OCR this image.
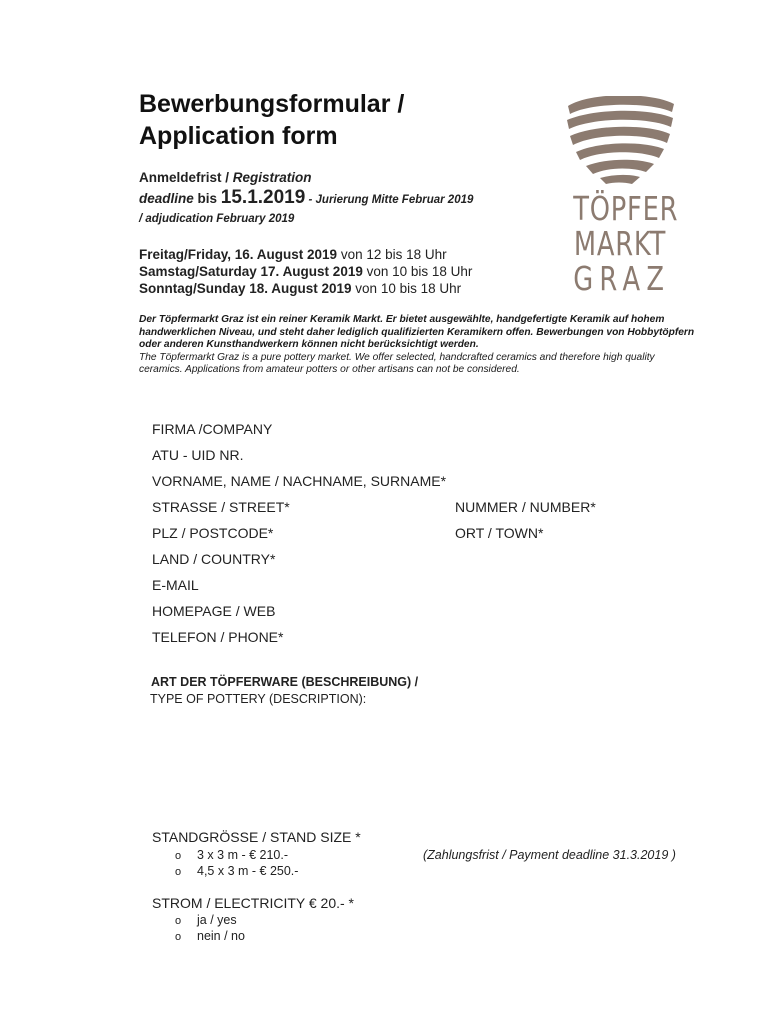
Bewerbungsformular /
Application form
Anmeldefrist / Registration
deadline bis 15.1.2019 - Jurierung Mitte Februar 2019
/ adjudication February 2019
Freitag/Friday, 16. August 2019 von 12 bis 18 Uhr
Samstag/Saturday 17. August 2019 von 10 bis 18 Uhr
Sonntag/Sunday 18. August 2019 von 10 bis 18 Uhr
TÖPFER
MARKT
GRAZ
Der Töpfermarkt Graz ist ein reiner Keramik Markt. Er bietet ausgewählte, handgefertigte Keramik auf hohem handwerklichen Niveau, und steht daher lediglich qualifizierten Keramikern offen. Bewerbungen von Hobbytöpfern oder anderen Kunsthandwerkern können nicht berücksichtigt werden.
The Töpfermarkt Graz is a pure pottery market. We offer selected, handcrafted ceramics and therefore high quality ceramics. Applications from amateur potters or other artisans can not be considered.
FIRMA /COMPANY
ATU - UID NR.
VORNAME, NAME / NACHNAME, SURNAME*
STRASSE / STREET*	NUMMER / NUMBER*
PLZ / POSTCODE*	ORT / TOWN*
LAND / COUNTRY*
E-MAIL
HOMEPAGE / WEB
TELEFON / PHONE*
ART DER TÖPFERWARE (BESCHREIBUNG) /
TYPE OF POTTERY (DESCRIPTION):
STANDGRÖSSE / STAND SIZE *
o 3 x 3 m - € 210.-
o 4,5 x 3 m - € 250.-
(Zahlungsfrist / Payment deadline 31.3.2019 )
STROM / ELECTRICITY € 20.- *
o ja / yes
o nein / no
